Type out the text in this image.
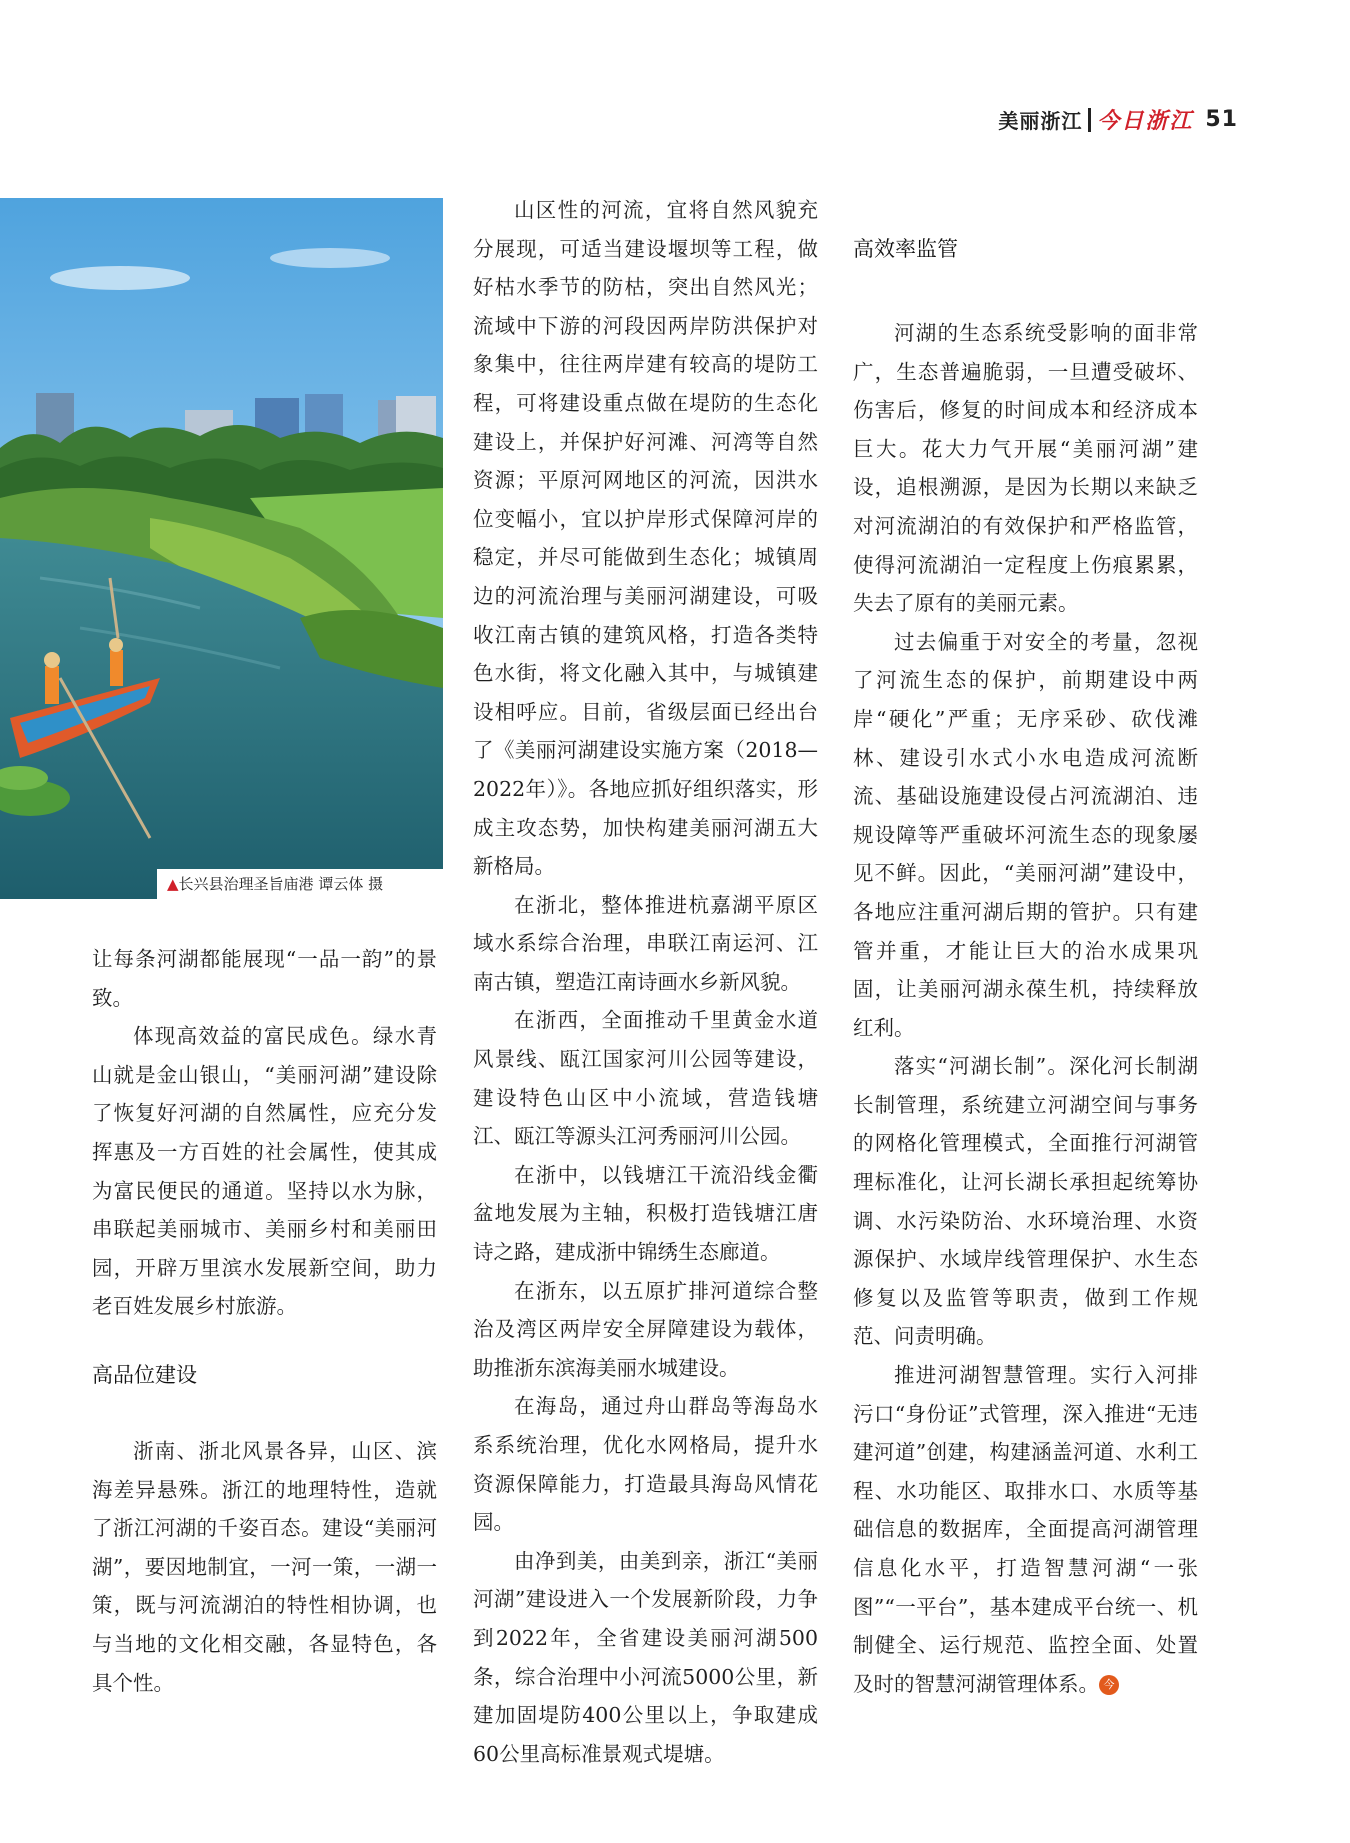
美丽浙江 今日浙江 51
▲长兴县治理圣旨庙港 谭云体 摄

让每条河湖都能展现“一品一韵”的景致。

体现高效益的富民成色。绿水青山就是金山银山，“美丽河湖”建设除了恢复好河湖的自然属性，应充分发挥惠及一方百姓的社会属性，使其成为富民便民的通道。坚持以水为脉，串联起美丽城市、美丽乡村和美丽田园，开辟万里滨水发展新空间，助力老百姓发展乡村旅游。

高品位建设

浙南、浙北风景各异，山区、滨海差异悬殊。浙江的地理特性，造就了浙江河湖的千姿百态。建设“美丽河湖”，要因地制宜，一河一策，一湖一策，既与河流湖泊的特性相协调，也与当地的文化相交融，各显特色，各具个性。

山区性的河流，宜将自然风貌充分展现，可适当建设堰坝等工程，做好枯水季节的防枯，突出自然风光；流域中下游的河段因两岸防洪保护对象集中，往往两岸建有较高的堤防工程，可将建设重点做在堤防的生态化建设上，并保护好河滩、河湾等自然资源；平原河网地区的河流，因洪水位变幅小，宜以护岸形式保障河岸的稳定，并尽可能做到生态化；城镇周边的河流治理与美丽河湖建设，可吸收江南古镇的建筑风格，打造各类特色水街，将文化融入其中，与城镇建设相呼应。目前，省级层面已经出台了《美丽河湖建设实施方案（2018—2022年）》。各地应抓好组织落实，形成主攻态势，加快构建美丽河湖五大新格局。

在浙北，整体推进杭嘉湖平原区域水系综合治理，串联江南运河、江南古镇，塑造江南诗画水乡新风貌。

在浙西，全面推动千里黄金水道风景线、瓯江国家河川公园等建设，建设特色山区中小流域，营造钱塘江、瓯江等源头江河秀丽河川公园。

在浙中，以钱塘江干流沿线金衢盆地发展为主轴，积极打造钱塘江唐诗之路，建成浙中锦绣生态廊道。

在浙东，以五原扩排河道综合整治及湾区两岸安全屏障建设为载体，助推浙东滨海美丽水城建设。

在海岛，通过舟山群岛等海岛水系系统治理，优化水网格局，提升水资源保障能力，打造最具海岛风情花园。

由净到美，由美到亲，浙江“美丽河湖”建设进入一个发展新阶段，力争到2022年，全省建设美丽河湖500条，综合治理中小河流5000公里，新建加固堤防400公里以上，争取建成60公里高标准景观式堤塘。

高效率监管

河湖的生态系统受影响的面非常广，生态普遍脆弱，一旦遭受破坏、伤害后，修复的时间成本和经济成本巨大。花大力气开展“美丽河湖”建设，追根溯源，是因为长期以来缺乏对河流湖泊的有效保护和严格监管，使得河流湖泊一定程度上伤痕累累，失去了原有的美丽元素。

过去偏重于对安全的考量，忽视了河流生态的保护，前期建设中两岸“硬化”严重；无序采砂、砍伐滩林、建设引水式小水电造成河流断流、基础设施建设侵占河流湖泊、违规设障等严重破坏河流生态的现象屡见不鲜。因此，“美丽河湖”建设中，各地应注重河湖后期的管护。只有建管并重，才能让巨大的治水成果巩固，让美丽河湖永葆生机，持续释放红利。

落实“河湖长制”。深化河长制湖长制管理，系统建立河湖空间与事务的网格化管理模式，全面推行河湖管理标准化，让河长湖长承担起统筹协调、水污染防治、水环境治理、水资源保护、水域岸线管理保护、水生态修复以及监管等职责，做到工作规范、问责明确。

推进河湖智慧管理。实行入河排污口“身份证”式管理，深入推进“无违建河道”创建，构建涵盖河道、水利工程、水功能区、取排水口、水质等基础信息的数据库，全面提高河湖管理信息化水平，打造智慧河湖“一张图”“一平台”，基本建成平台统一、机制健全、运行规范、监控全面、处置及时的智慧河湖管理体系。 今
